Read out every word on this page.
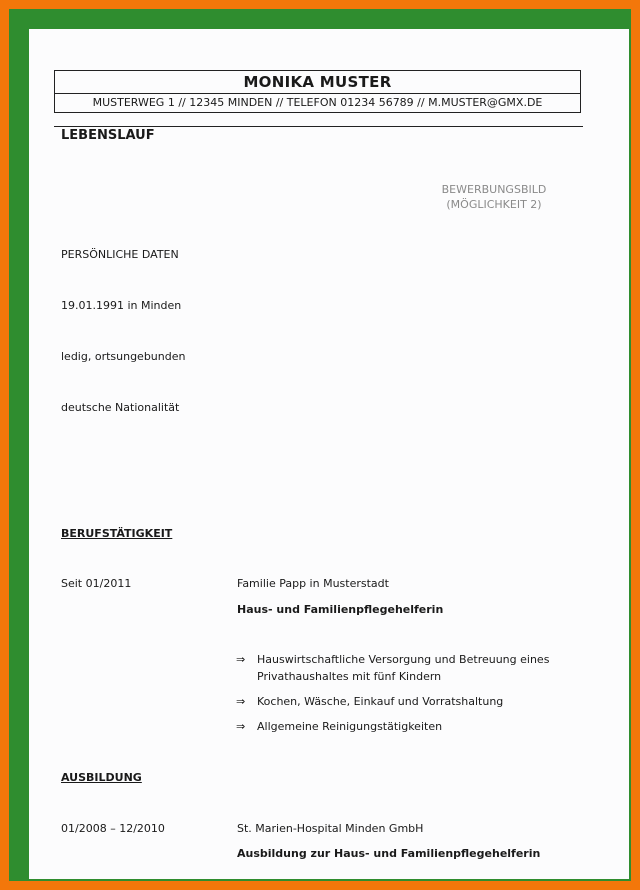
MONIKA MUSTER
MUSTERWEG 1 // 12345 MINDEN // TELEFON 01234 56789 // M.MUSTER@GMX.DE
LEBENSLAUF
BEWERBUNGSBILD
(MÖGLICHKEIT 2)
PERSÖNLICHE DATEN
19.01.1991 in Minden
ledig, ortsungebunden
deutsche Nationalität
BERUFSTÄTIGKEIT
Seit 01/2011	Familie Papp in Musterstadt
Haus- und Familienpflegehelferin
⇒ Hauswirtschaftliche Versorgung und Betreuung eines Privathaushaltes mit fünf Kindern
⇒ Kochen, Wäsche, Einkauf und Vorratshaltung
⇒ Allgemeine Reinigungstätigkeiten
AUSBILDUNG
01/2008 – 12/2010	St. Marien-Hospital Minden GmbH
Ausbildung zur Haus- und Familienpflegehelferin
